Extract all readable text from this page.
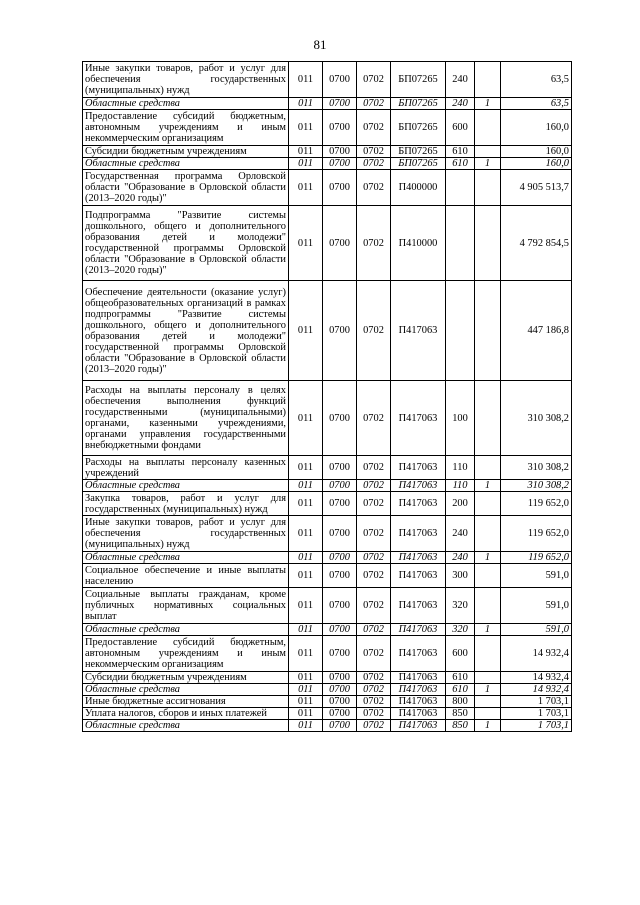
81
Иные закупки товаров, работ и услуг для обеспечения государственных (муниципальных) нужд	011	0700	0702	БП07265	240		63,5
Областные средства	011	0700	0702	БП07265	240	1	63,5
Предоставление субсидий бюджетным, автономным учреждениям и иным некоммерческим организациям	011	0700	0702	БП07265	600		160,0
Субсидии бюджетным учреждениям	011	0700	0702	БП07265	610		160,0
Областные средства	011	0700	0702	БП07265	610	1	160,0
Государственная программа Орловской области "Образование в Орловской области (2013–2020 годы)"	011	0700	0702	П400000			4 905 513,7
Подпрограмма "Развитие системы дошкольного, общего и дополнительного образования детей и молодежи" государственной программы Орловской области "Образование в Орловской области (2013–2020 годы)"	011	0700	0702	П410000			4 792 854,5
Обеспечение деятельности (оказание услуг) общеобразовательных организаций в рамках подпрограммы "Развитие системы дошкольного, общего и дополнительного образования детей и молодежи" государственной программы Орловской области "Образование в Орловской области (2013–2020 годы)"	011	0700	0702	П417063			447 186,8
Расходы на выплаты персоналу в целях обеспечения выполнения функций государственными (муниципальными) органами, казенными учреждениями, органами управления государственными внебюджетными фондами	011	0700	0702	П417063	100		310 308,2
Расходы на выплаты персоналу казенных учреждений	011	0700	0702	П417063	110		310 308,2
Областные средства	011	0700	0702	П417063	110	1	310 308,2
Закупка товаров, работ и услуг для государственных (муниципальных) нужд	011	0700	0702	П417063	200		119 652,0
Иные закупки товаров, работ и услуг для обеспечения государственных (муниципальных) нужд	011	0700	0702	П417063	240		119 652,0
Областные средства	011	0700	0702	П417063	240	1	119 652,0
Социальное обеспечение и иные выплаты населению	011	0700	0702	П417063	300		591,0
Социальные выплаты гражданам, кроме публичных нормативных социальных выплат	011	0700	0702	П417063	320		591,0
Областные средства	011	0700	0702	П417063	320	1	591,0
Предоставление субсидий бюджетным, автономным учреждениям и иным некоммерческим организациям	011	0700	0702	П417063	600		14 932,4
Субсидии бюджетным учреждениям	011	0700	0702	П417063	610		14 932,4
Областные средства	011	0700	0702	П417063	610	1	14 932,4
Иные бюджетные ассигнования	011	0700	0702	П417063	800		1 703,1
Уплата налогов, сборов и иных платежей	011	0700	0702	П417063	850		1 703,1
Областные средства	011	0700	0702	П417063	850	1	1 703,1
